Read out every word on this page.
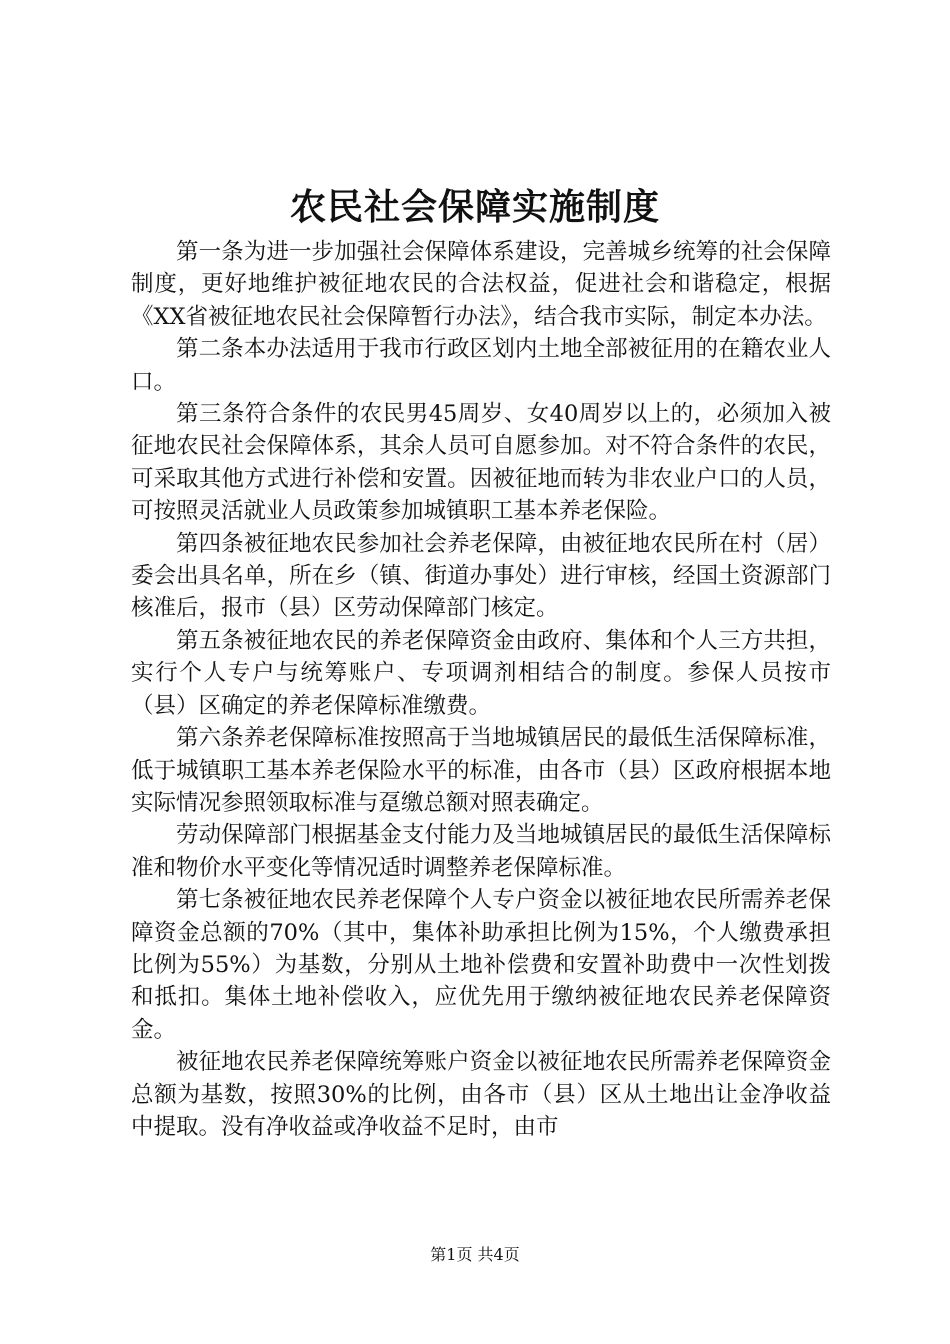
农民社会保障实施制度

第一条为进一步加强社会保障体系建设，完善城乡统筹的社会保障制度，更好地维护被征地农民的合法权益，促进社会和谐稳定，根据《XX省被征地农民社会保障暂行办法》，结合我市实际，制定本办法。

第二条本办法适用于我市行政区划内土地全部被征用的在籍农业人口。

第三条符合条件的农民男45周岁、女40周岁以上的，必须加入被征地农民社会保障体系，其余人员可自愿参加。对不符合条件的农民，可采取其他方式进行补偿和安置。因被征地而转为非农业户口的人员，可按照灵活就业人员政策参加城镇职工基本养老保险。

第四条被征地农民参加社会养老保障，由被征地农民所在村（居）委会出具名单，所在乡（镇、街道办事处）进行审核，经国土资源部门核准后，报市（县）区劳动保障部门核定。

第五条被征地农民的养老保障资金由政府、集体和个人三方共担，实行个人专户与统筹账户、专项调剂相结合的制度。参保人员按市（县）区确定的养老保障标准缴费。

第六条养老保障标准按照高于当地城镇居民的最低生活保障标准，低于城镇职工基本养老保险水平的标准，由各市（县）区政府根据本地实际情况参照领取标准与趸缴总额对照表确定。

劳动保障部门根据基金支付能力及当地城镇居民的最低生活保障标准和物价水平变化等情况适时调整养老保障标准。

第七条被征地农民养老保障个人专户资金以被征地农民所需养老保障资金总额的70%（其中，集体补助承担比例为15%，个人缴费承担比例为55%）为基数，分别从土地补偿费和安置补助费中一次性划拨和抵扣。集体土地补偿收入，应优先用于缴纳被征地农民养老保障资金。

被征地农民养老保障统筹账户资金以被征地农民所需养老保障资金总额为基数，按照30%的比例，由各市（县）区从土地出让金净收益中提取。没有净收益或净收益不足时，由市

第1页 共4页
